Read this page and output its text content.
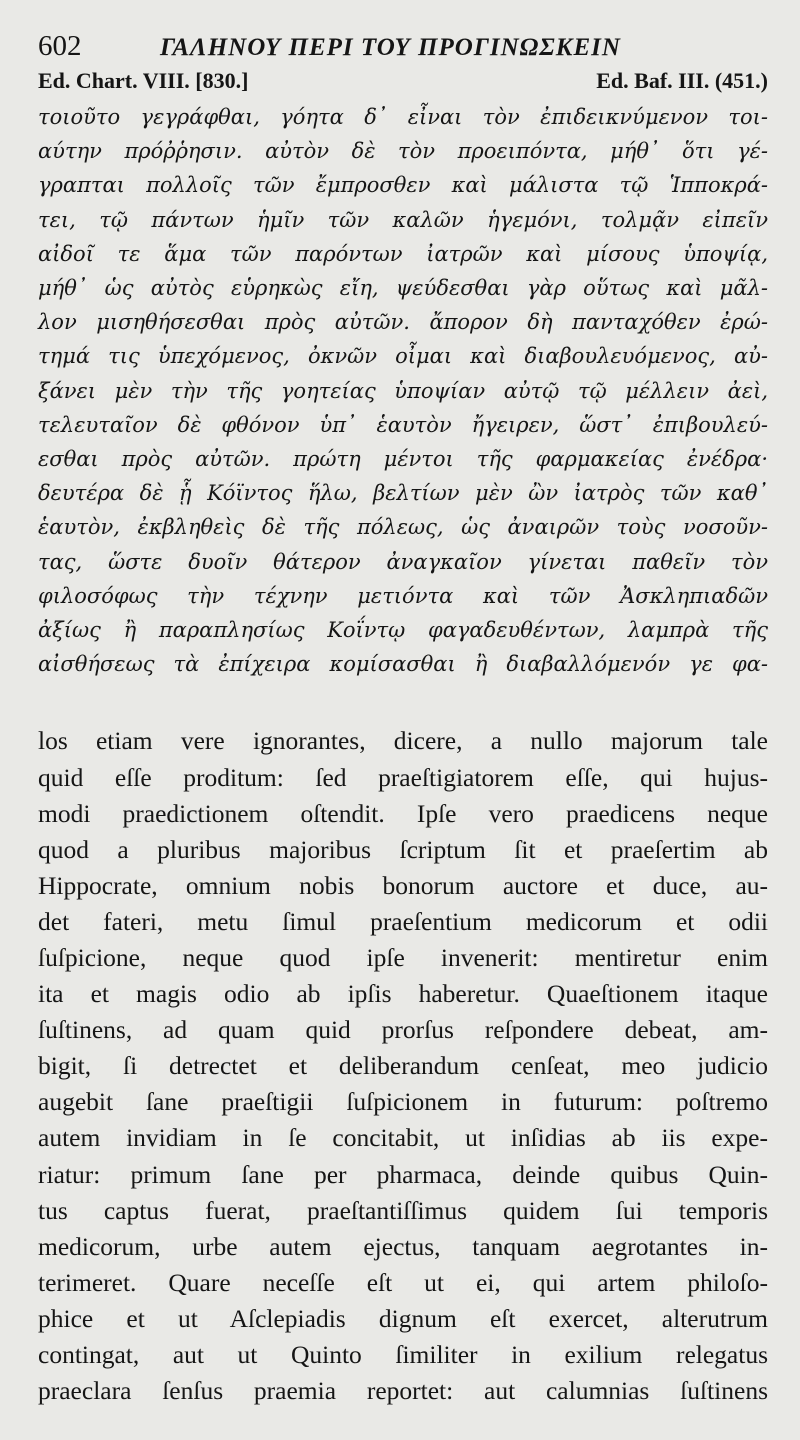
602	ΓΑΛΗΝΟΥ ΠΕΡΙ ΤΟΥ ΠΡΟΓΙΝΩΣΚΕΙΝ
Ed. Chart. VIII. [830.]	Ed. Baf. III. (451.)
τοιοῦτο γεγράφθαι, γόητα δ᾽ εἶναι τὸν ἐπιδεικνύμενον τοι-
αύτην πρόῤῥησιν. αὐτὸν δὲ τὸν προειπόντα, μήθ᾽ ὅτι γέ-
γραπται πολλοῖς τῶν ἔμπροσθεν καὶ μάλιστα τῷ Ἱπποκρά-
τει, τῷ πάντων ἡμῖν τῶν καλῶν ἡγεμόνι, τολμᾷν εἰπεῖν
αἰδοῖ τε ἅμα τῶν παρόντων ἰατρῶν καὶ μίσους ὑποψίᾳ,
μήθ᾽ ὡς αὐτὸς εὑρηκὼς εἴη, ψεύδεσθαι γὰρ οὕτως καὶ μᾶλ-
λον μισηθήσεσθαι πρὸς αὐτῶν. ἄπορον δὴ πανταχόθεν ἐρώ-
τημά τις ὑπεχόμενος, ὀκνῶν οἶμαι καὶ διαβουλευόμενος, αὐ-
ξάνει μὲν τὴν τῆς γοητείας ὑποψίαν αὐτῷ τῷ μέλλειν ἀεὶ,
τελευταῖον δὲ φθόνον ὑπ᾽ ἑαυτὸν ἤγειρεν, ὥστ᾽ ἐπιβουλεύ-
εσθαι πρὸς αὐτῶν. πρώτη μέντοι τῆς φαρμακείας ἐνέδρα·
δευτέρα δὲ ᾗ Κόϊντος ἥλω, βελτίων μὲν ὢν ἰατρὸς τῶν καθ᾽
ἑαυτὸν, ἐκβληθεὶς δὲ τῆς πόλεως, ὡς ἀναιρῶν τοὺς νοσοῦν-
τας, ὥστε δυοῖν θάτερον ἀναγκαῖον γίνεται παθεῖν τὸν
φιλοσόφως τὴν τέχνην μετιόντα καὶ τῶν Ἀσκληπιαδῶν
ἀξίως ἢ παραπλησίως Κοΐντῳ φαγαδευθέντων, λαμπρὰ τῆς
αἰσθήσεως τὰ ἐπίχειρα κομίσασθαι ἢ διαβαλλόμενόν γε φα-
los etiam vere ignorantes, dicere, a nullo majorum tale
quid eſſe proditum: ſed praeſtigiatorem eſſe, qui hujus-
modi praedictionem oſtendit. Ipſe vero praedicens neque
quod a pluribus majoribus ſcriptum ſit et praeſertim ab
Hippocrate, omnium nobis bonorum auctore et duce, au-
det fateri, metu ſimul praeſentium medicorum et odii
ſuſpicione, neque quod ipſe invenerit: mentiretur enim
ita et magis odio ab ipſis haberetur. Quaeſtionem itaque
ſuſtinens, ad quam quid prorſus reſpondere debeat, am-
bigit, ſi detrectet et deliberandum cenſeat, meo judicio
augebit ſane praeſtigii ſuſpicionem in futurum: poſtremo
autem invidiam in ſe concitabit, ut inſidias ab iis expe-
riatur: primum ſane per pharmaca, deinde quibus Quin-
tus captus fuerat, praeſtantiſſimus quidem ſui temporis
medicorum, urbe autem ejectus, tanquam aegrotantes in-
terimeret. Quare neceſſe eſt ut ei, qui artem philoſo-
phice et ut Aſclepiadis dignum eſt exercet, alterutrum
contingat, aut ut Quinto ſimiliter in exilium relegatus
praeclara ſenſus praemia reportet: aut calumnias ſuſtinens
